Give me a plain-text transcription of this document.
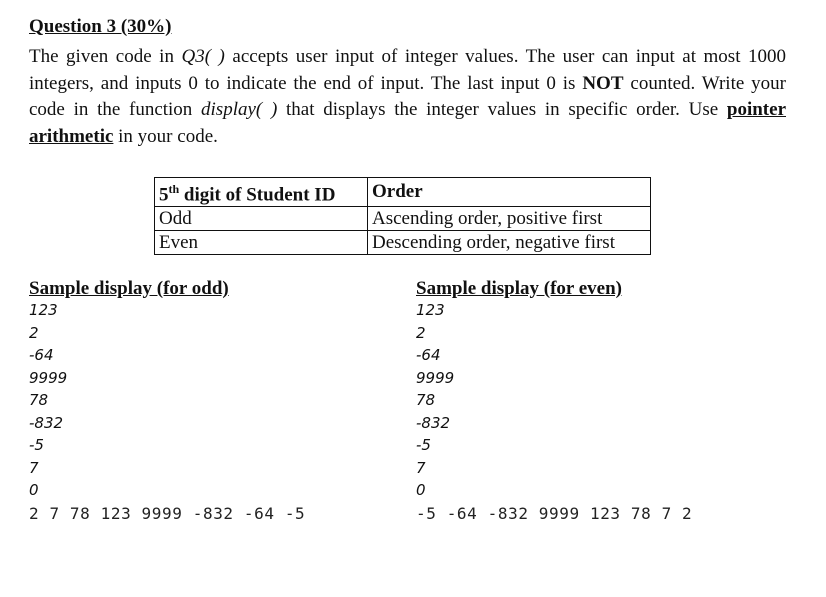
Question 3 (30%)
The given code in Q3( ) accepts user input of integer values. The user can input at most 1000 integers, and inputs 0 to indicate the end of input. The last input 0 is NOT counted. Write your code in the function display( ) that displays the integer values in specific order. Use pointer arithmetic in your code.
5th digit of Student ID	Order
Odd	Ascending order, positive first
Even	Descending order, negative first
Sample display (for odd)
123
2
-64
9999
78
-832
-5
7
0
2 7 78 123 9999 -832 -64 -5
Sample display (for even)
123
2
-64
9999
78
-832
-5
7
0
-5 -64 -832 9999 123 78 7 2
